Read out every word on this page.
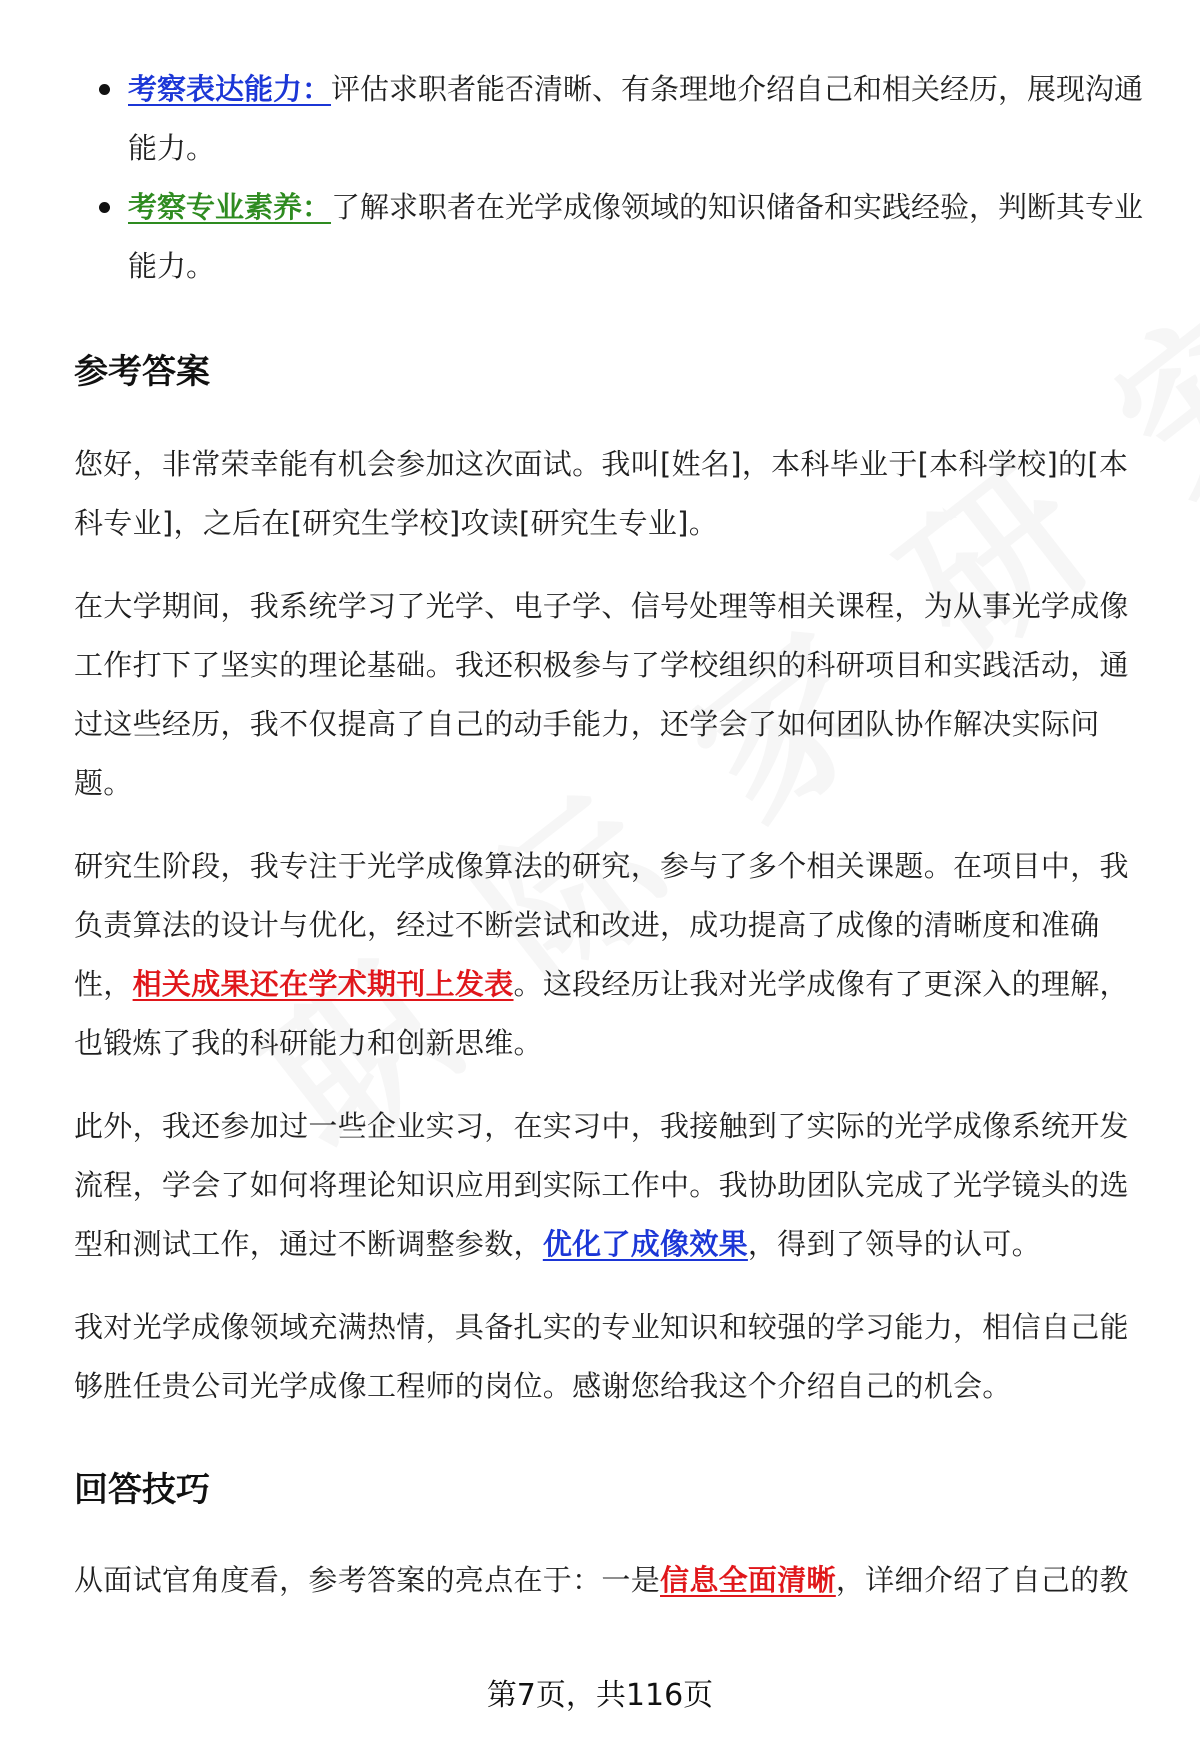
考察表达能力：评估求职者能否清晰、有条理地介绍自己和相关经历，展现沟通能力。
考察专业素养：了解求职者在光学成像领域的知识储备和实践经验，判断其专业能力。
参考答案

您好，非常荣幸能有机会参加这次面试。我叫[姓名]，本科毕业于[本科学校]的[本科专业]，之后在[研究生学校]攻读[研究生专业]。

在大学期间，我系统学习了光学、电子学、信号处理等相关课程，为从事光学成像工作打下了坚实的理论基础。我还积极参与了学校组织的科研项目和实践活动，通过这些经历，我不仅提高了自己的动手能力，还学会了如何团队协作解决实际问题。

研究生阶段，我专注于光学成像算法的研究，参与了多个相关课题。在项目中，我负责算法的设计与优化，经过不断尝试和改进，成功提高了成像的清晰度和准确性，相关成果还在学术期刊上发表。这段经历让我对光学成像有了更深入的理解，也锻炼了我的科研能力和创新思维。

此外，我还参加过一些企业实习，在实习中，我接触到了实际的光学成像系统开发流程，学会了如何将理论知识应用到实际工作中。我协助团队完成了光学镜头的选型和测试工作，通过不断调整参数，优化了成像效果，得到了领导的认可。

我对光学成像领域充满热情，具备扎实的专业知识和较强的学习能力，相信自己能够胜任贵公司光学成像工程师的岗位。感谢您给我这个介绍自己的机会。

回答技巧

从面试官角度看，参考答案的亮点在于：一是信息全面清晰，详细介绍了自己的教

第7页，共116页
